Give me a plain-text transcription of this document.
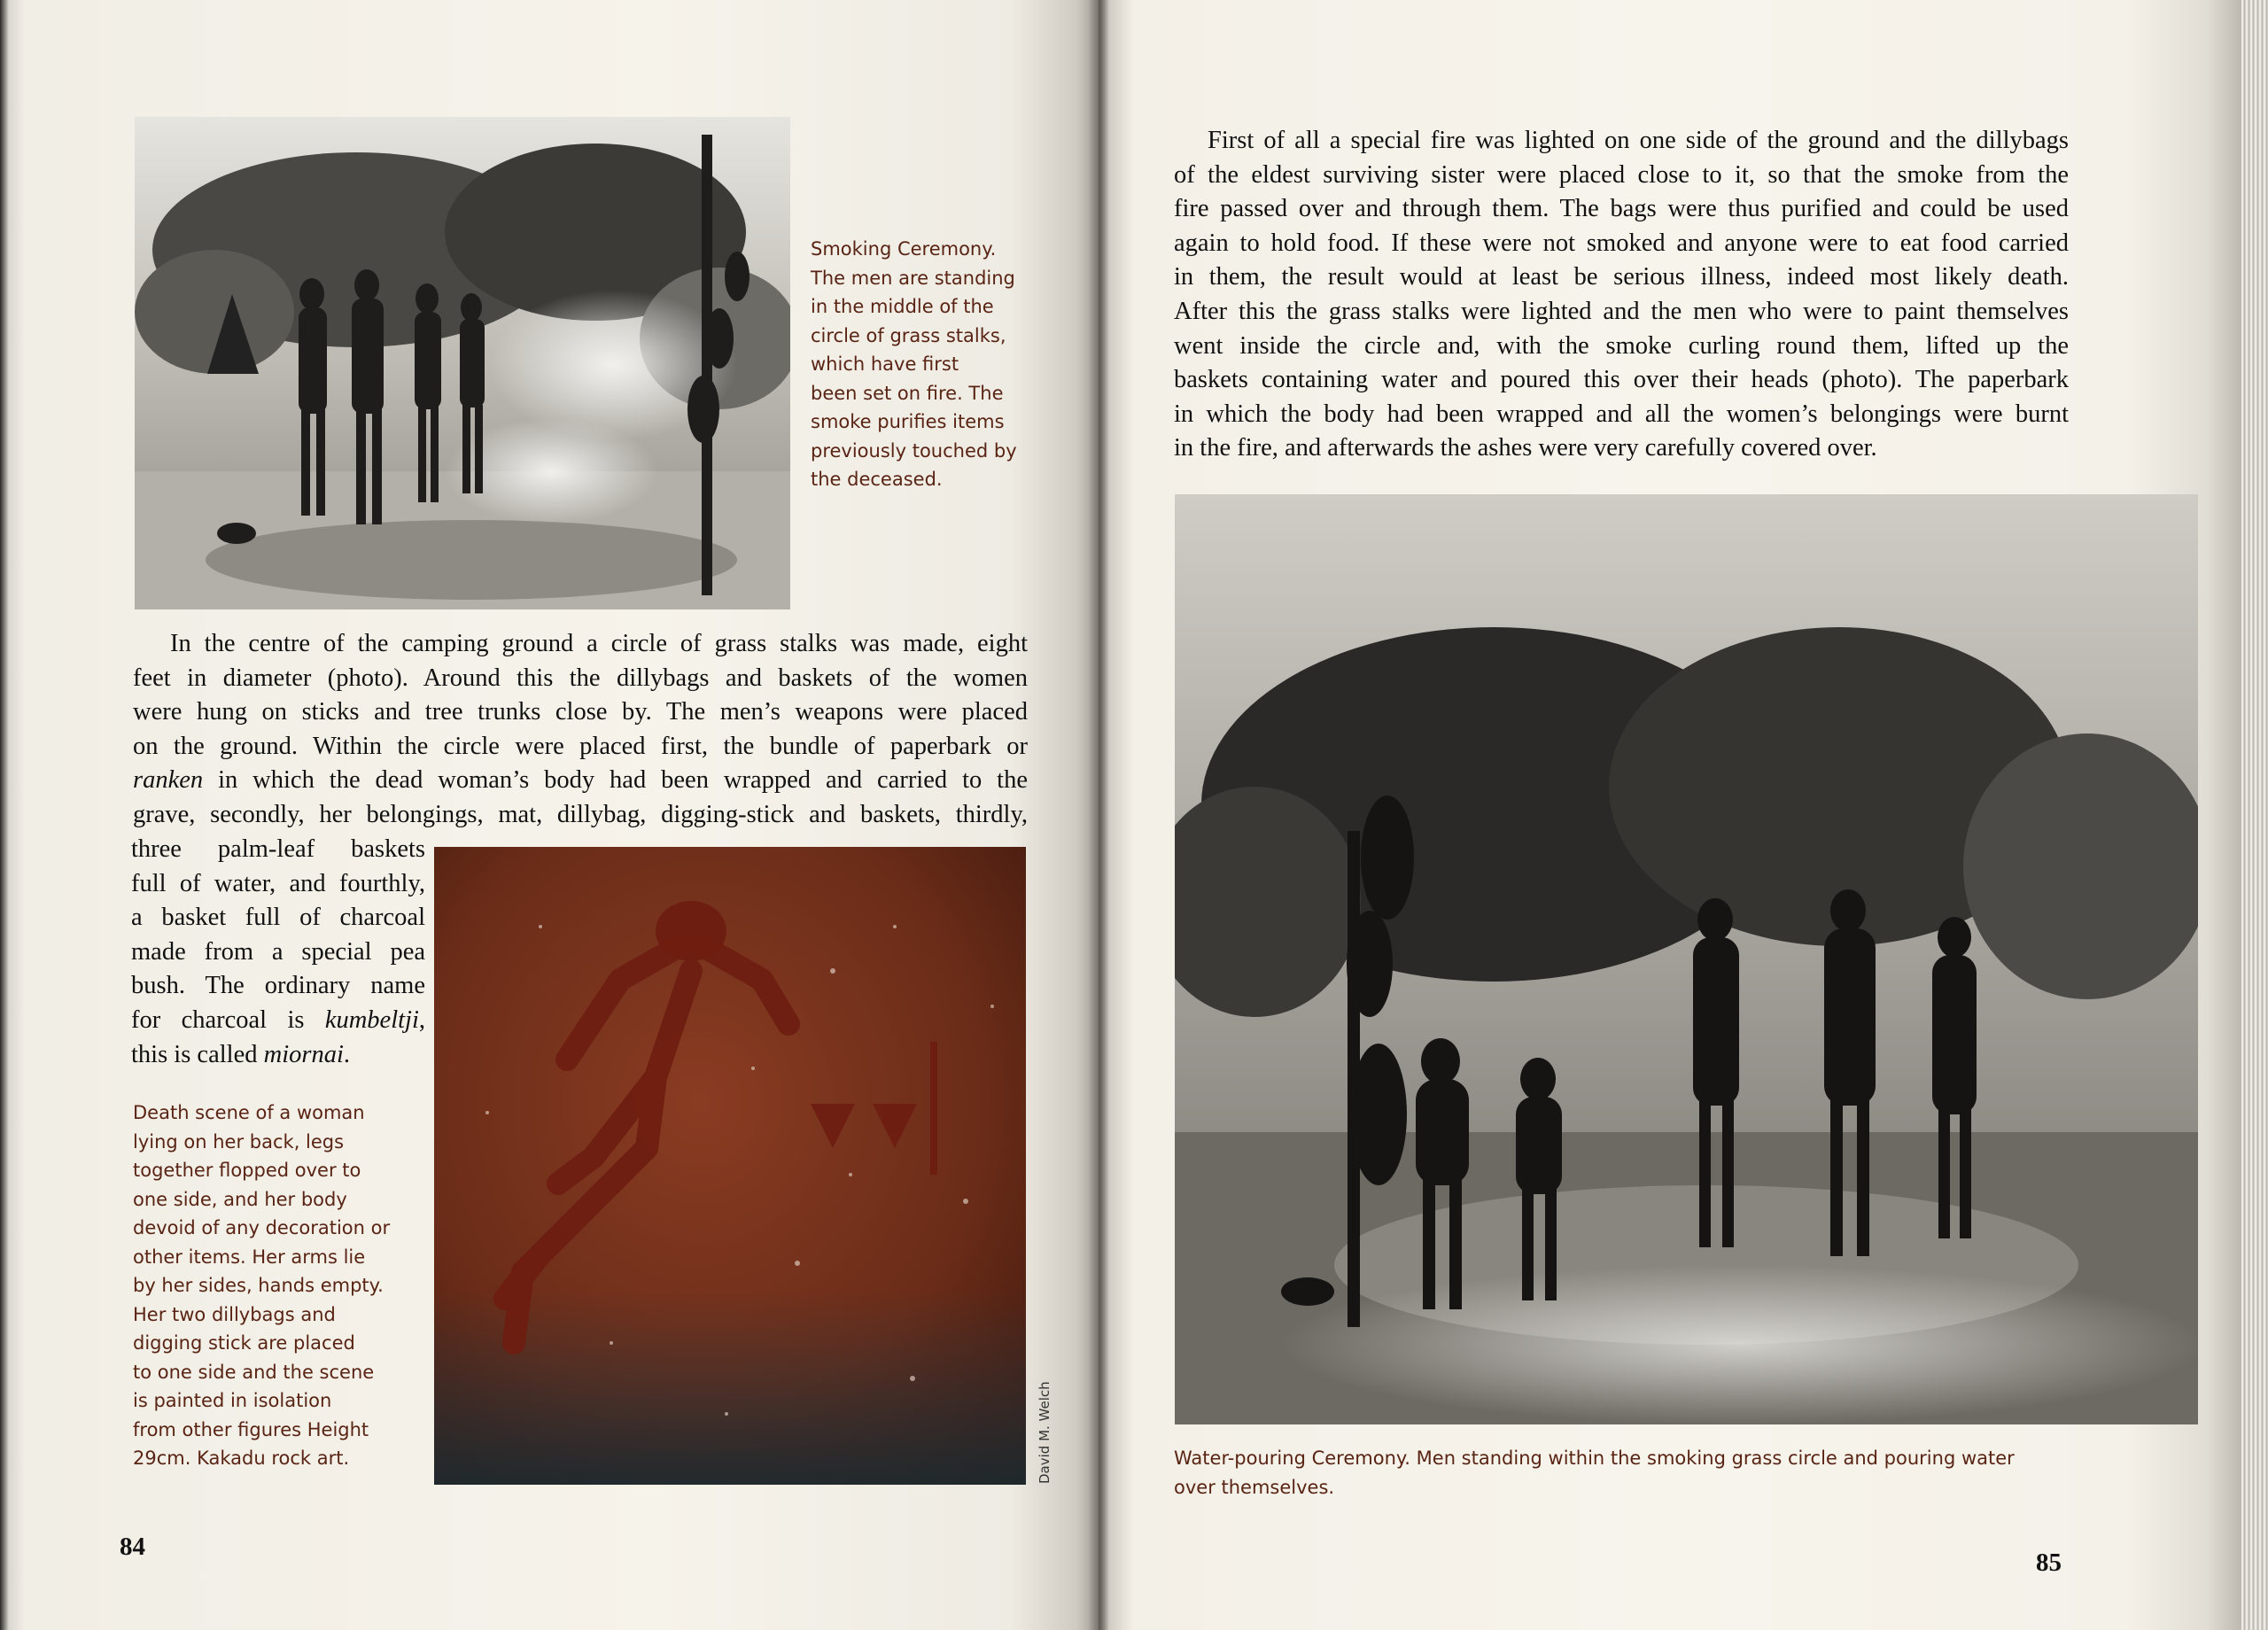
Smoking Ceremony.
The men are standing
in the middle of the
circle of grass stalks,
which have first
been set on fire. The
smoke purifies items
previously touched by
the deceased.
In the centre of the camping ground a circle of grass stalks was made, eight
feet in diameter (photo). Around this the dillybags and baskets of the women
were hung on sticks and tree trunks close by. The men’s weapons were placed
on the ground. Within the circle were placed first, the bundle of paperbark or
ranken in which the dead woman’s body had been wrapped and carried to the
grave, secondly, her belongings, mat, dillybag, digging-stick and baskets, thirdly,
three palm-leaf baskets
full of water, and fourthly,
a basket full of charcoal
made from a special pea
bush. The ordinary name
for charcoal is kumbeltji,
this is called miornai.
Death scene of a woman
lying on her back, legs
together flopped over to
one side, and her body
devoid of any decoration or
other items. Her arms lie
by her sides, hands empty.
Her two dillybags and
digging stick are placed
to one side and the scene
is painted in isolation
from other figures Height
29cm. Kakadu rock art.	David M. Welch
84
First of all a special fire was lighted on one side of the ground and the dillybags
of the eldest surviving sister were placed close to it, so that the smoke from the
fire passed over and through them. The bags were thus purified and could be used
again to hold food. If these were not smoked and anyone were to eat food carried
in them, the result would at least be serious illness, indeed most likely death.
After this the grass stalks were lighted and the men who were to paint themselves
went inside the circle and, with the smoke curling round them, lifted up the
baskets containing water and poured this over their heads (photo). The paperbark
in which the body had been wrapped and all the women’s belongings were burnt
in the fire, and afterwards the ashes were very carefully covered over.
Water-pouring Ceremony. Men standing within the smoking grass circle and pouring water
over themselves.
85
